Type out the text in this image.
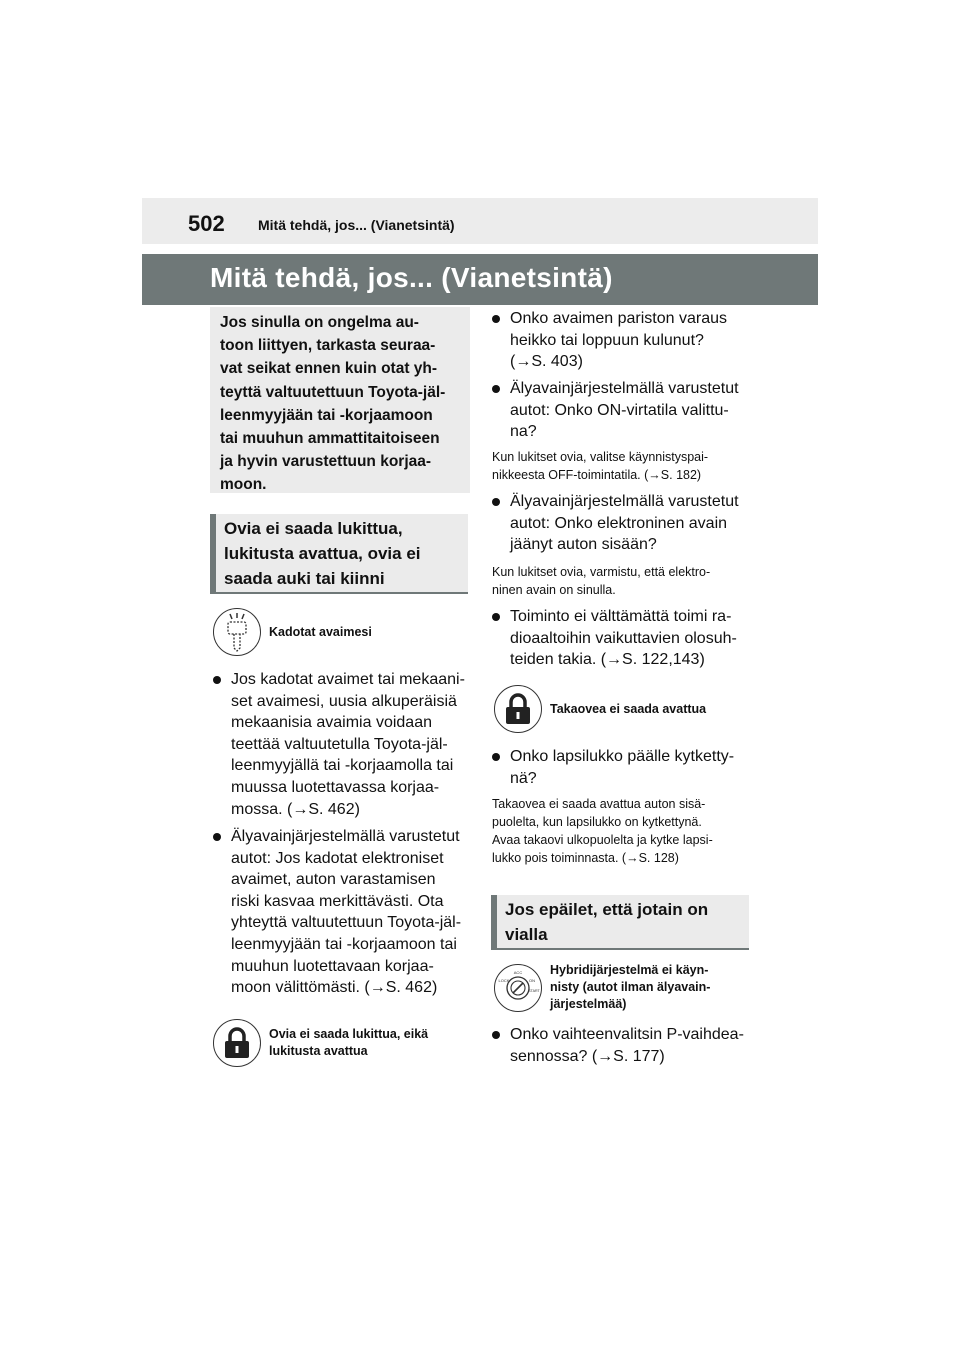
502 Mitä tehdä, jos... (Vianetsintä)
Mitä tehdä, jos... (Vianetsintä)
Jos sinulla on ongelma au-
toon liittyen, tarkasta seuraa-
vat seikat ennen kuin otat yh-
teyttä valtuutettuun Toyota-jäl-
leenmyyjään tai -korjaamoon
tai muuhun ammattitaitoiseen
ja hyvin varustettuun korjaa-
moon.
Ovia ei saada lukittua,
lukitusta avattua, ovia ei
saada auki tai kiinni
Kadotat avaimesi
Jos kadotat avaimet tai mekaani-
set avaimesi, uusia alkuperäisiä
mekaanisia avaimia voidaan
teettää valtuutetulla Toyota-jäl-
leenmyyjällä tai -korjaamolla tai
muussa luotettavassa korjaa-
mossa. (→S. 462)
Älyavainjärjestelmällä varustetut
autot: Jos kadotat elektroniset
avaimet, auton varastamisen
riski kasvaa merkittävästi. Ota
yhteyttä valtuutettuun Toyota-jäl-
leenmyyjään tai -korjaamoon tai
muuhun luotettavaan korjaa-
moon välittömästi. (→S. 462)
Ovia ei saada lukittua, eikä
lukitusta avattua
Onko avaimen pariston varaus
heikko tai loppuun kulunut?
(→S. 403)
Älyavainjärjestelmällä varustetut
autot: Onko ON-virtatila valittu-
na?
Kun lukitset ovia, valitse käynnistyspai-
nikkeesta OFF-toimintatila. (→S. 182)
Älyavainjärjestelmällä varustetut
autot: Onko elektroninen avain
jäänyt auton sisään?
Kun lukitset ovia, varmistu, että elektro-
ninen avain on sinulla.
Toiminto ei välttämättä toimi ra-
dioaaltoihin vaikuttavien olosuh-
teiden takia. (→S. 122,143)
Takaovea ei saada avattua
Onko lapsilukko päälle kytketty-
nä?
Takaovea ei saada avattua auton sisä-
puolelta, kun lapsilukko on kytkettynä.
Avaa takaovi ulkopuolelta ja kytke lapsi-
lukko pois toiminnasta. (→S. 128)
Jos epäilet, että jotain on
vialla
ACC
LOCK	ON
START
Hybridijärjestelmä ei käyn-
nisty (autot ilman älyavain-
järjestelmää)
Onko vaihteenvalitsin P-vaihdea-
sennossa? (→S. 177)
